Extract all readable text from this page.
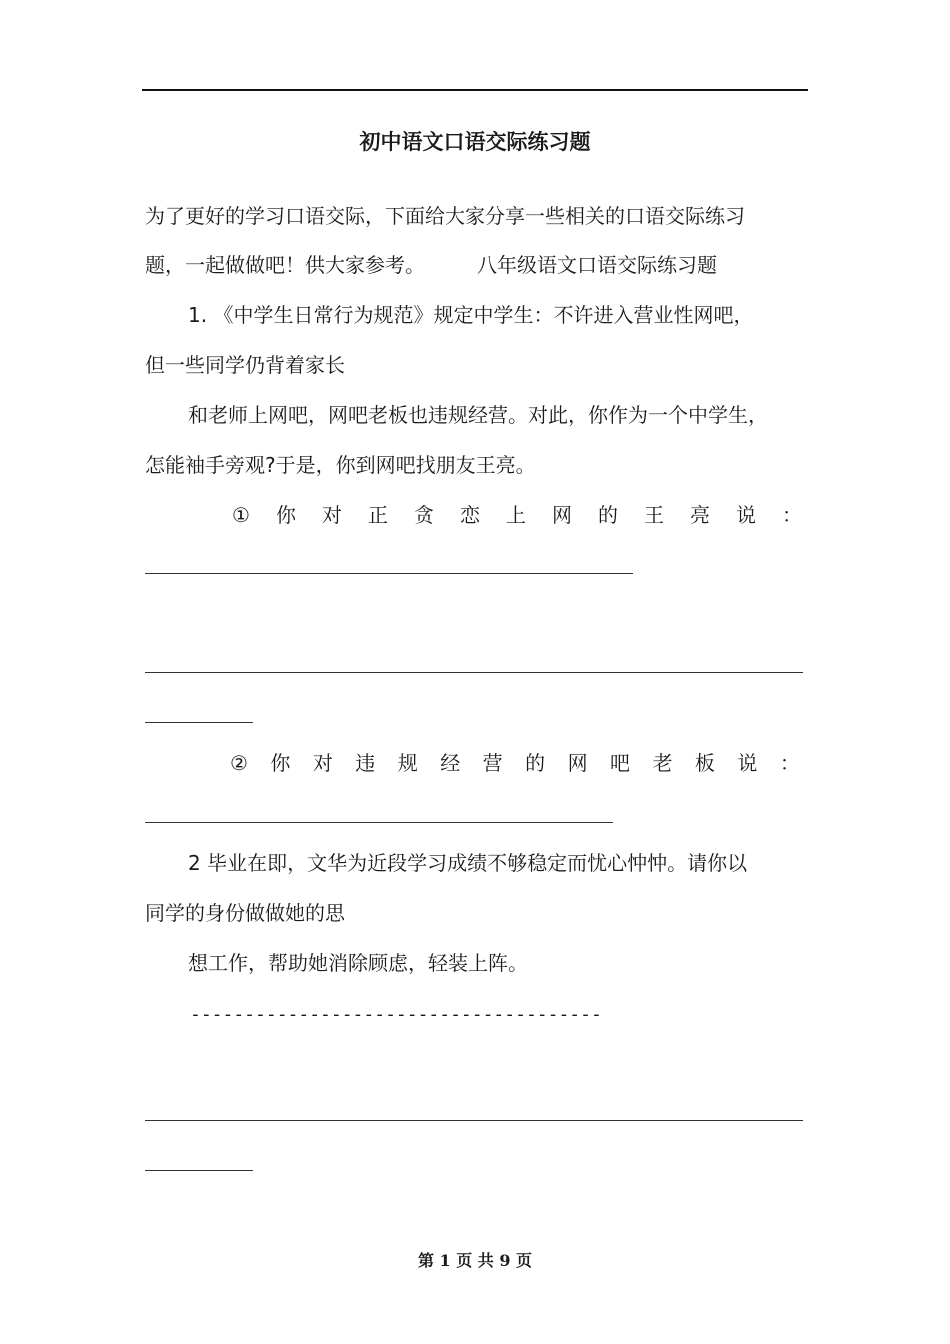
初中语文口语交际练习题
为了更好的学习口语交际，下面给大家分享一些相关的口语交际练习
题，一起做做吧！供大家参考。	八年级语文口语交际练习题
1. 《中学生日常行为规范》规定中学生：不许进入营业性网吧，
但一些同学仍背着家长
和老师上网吧，网吧老板也违规经营。对此，你作为一个中学生，
怎能袖手旁观?于是，你到网吧找朋友王亮。
① 你 对 正 贪 恋 上 网 的 王 亮 说 ：
② 你 对 违 规 经 营 的 网 吧 老 板 说 ：
2 毕业在即，文华为近段学习成绩不够稳定而忧心忡忡。请你以
同学的身份做做她的思
想工作，帮助她消除顾虑，轻装上阵。
--------------------------------------
第 1 页 共 9 页
